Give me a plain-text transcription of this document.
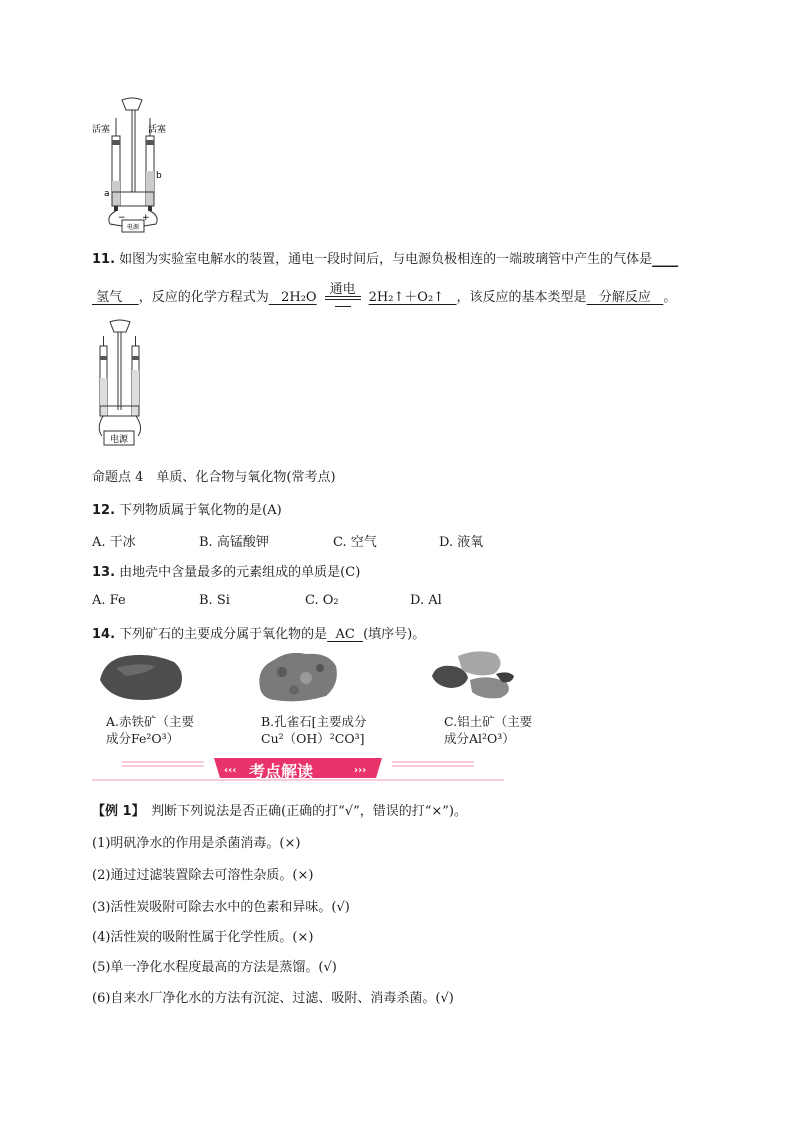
电源
− +
活塞	活塞
a
b
11. 如图为实验室电解水的装置，通电一段时间后，与电源负极相连的一端玻璃管中产生的气体是____
氢气 ，反应的化学方程式为 2H₂O
通电
2H₂↑＋O₂↑ ，该反应的基本类型是 分解反应 。
电源
命题点 4　单质、化合物与氧化物(常考点)
12. 下列物质属于氧化物的是(A)
A. 干冰	B. 高锰酸钾	C. 空气	D. 液氧
13. 由地壳中含量最多的元素组成的单质是(C)
A. Fe	B. Si	C. O₂	D. Al
14. 下列矿石的主要成分属于氧化物的是 AC (填序号)。
A.赤铁矿（主要
成分Fe²O³）
B.孔雀石[主要成分
Cu²（OH）²CO³]
C.铝土矿（主要
成分Al²O³）
‹‹‹	›››
考点解读
【例 1】　判断下列说法是否正确(正确的打“√”，错误的打“×”)。
(1)明矾净水的作用是杀菌消毒。(×)
(2)通过过滤装置除去可溶性杂质。(×)
(3)活性炭吸附可除去水中的色素和异味。(√)
(4)活性炭的吸附性属于化学性质。(×)
(5)单一净化水程度最高的方法是蒸馏。(√)
(6)自来水厂净化水的方法有沉淀、过滤、吸附、消毒杀菌。(√)
